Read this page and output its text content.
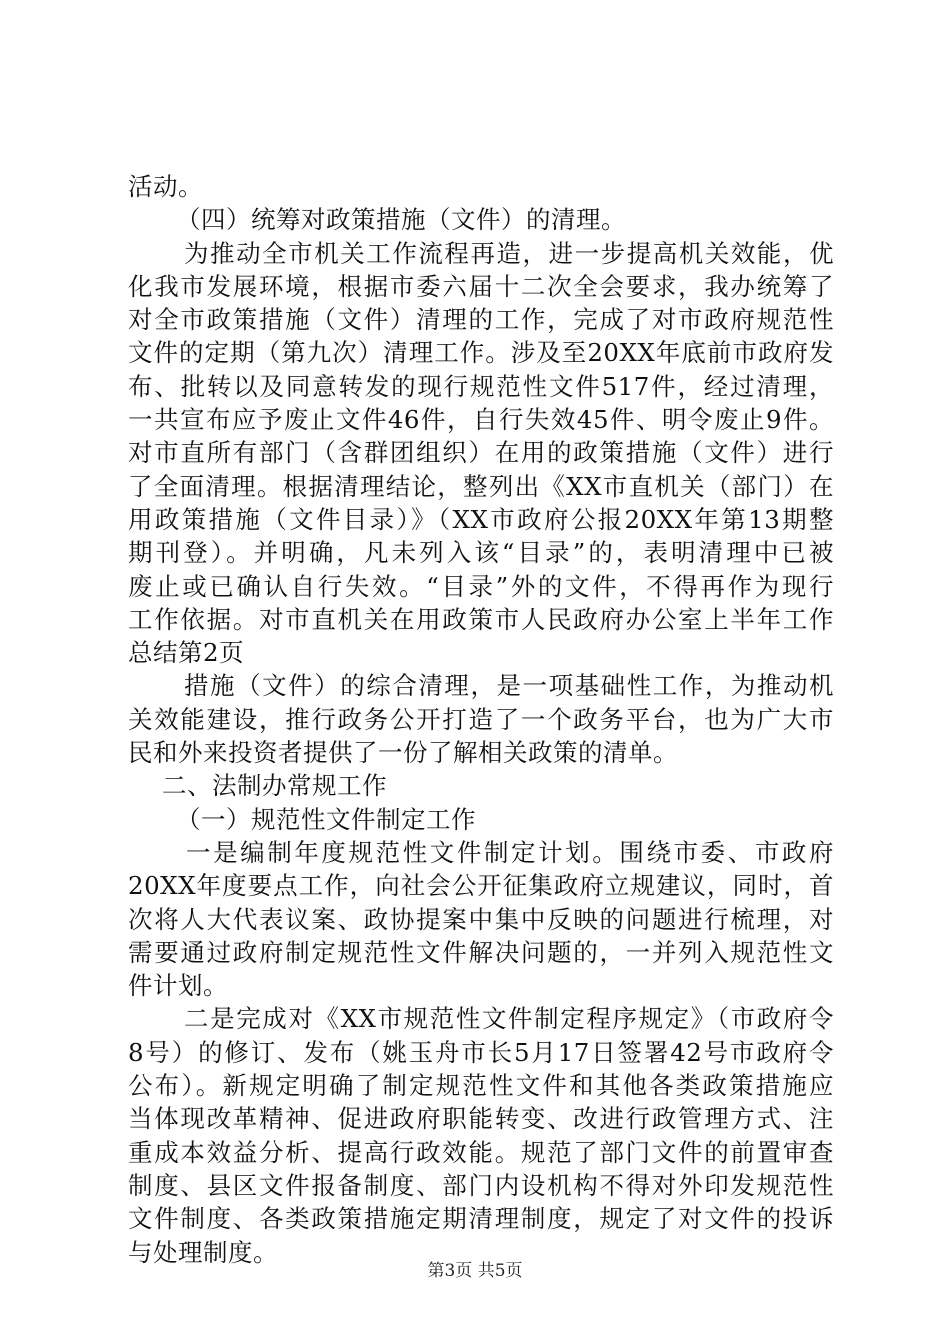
活动。
（四）统筹对政策措施（文件）的清理。
为推动全市机关工作流程再造，进一步提高机关效能，优
化我市发展环境，根据市委六届十二次全会要求，我办统筹了
对全市政策措施（文件）清理的工作，完成了对市政府规范性
文件的定期（第九次）清理工作。涉及至20XX年底前市政府发
布、批转以及同意转发的现行规范性文件517件，经过清理，
一共宣布应予废止文件46件，自行失效45件、明令废止9件。
对市直所有部门（含群团组织）在用的政策措施（文件）进行
了全面清理。根据清理结论，整列出《XX市直机关（部门）在
用政策措施（文件目录）》（XX市政府公报20XX年第13期整
期刊登）。并明确，凡未列入该“目录”的，表明清理中已被
废止或已确认自行失效。“目录”外的文件，不得再作为现行
工作依据。对市直机关在用政策市人民政府办公室上半年工作
总结第2页
措施（文件）的综合清理，是一项基础性工作，为推动机
关效能建设，推行政务公开打造了一个政务平台，也为广大市
民和外来投资者提供了一份了解相关政策的清单。
二、法制办常规工作
（一）规范性文件制定工作
一是编制年度规范性文件制定计划。围绕市委、市政府
20XX年度要点工作，向社会公开征集政府立规建议，同时，首
次将人大代表议案、政协提案中集中反映的问题进行梳理，对
需要通过政府制定规范性文件解决问题的，一并列入规范性文
件计划。
二是完成对《XX市规范性文件制定程序规定》（市政府令
8号）的修订、发布（姚玉舟市长5月17日签署42号市政府令
公布）。新规定明确了制定规范性文件和其他各类政策措施应
当体现改革精神、促进政府职能转变、改进行政管理方式、注
重成本效益分析、提高行政效能。规范了部门文件的前置审查
制度、县区文件报备制度、部门内设机构不得对外印发规范性
文件制度、各类政策措施定期清理制度，规定了对文件的投诉
与处理制度。
第3页 共5页
